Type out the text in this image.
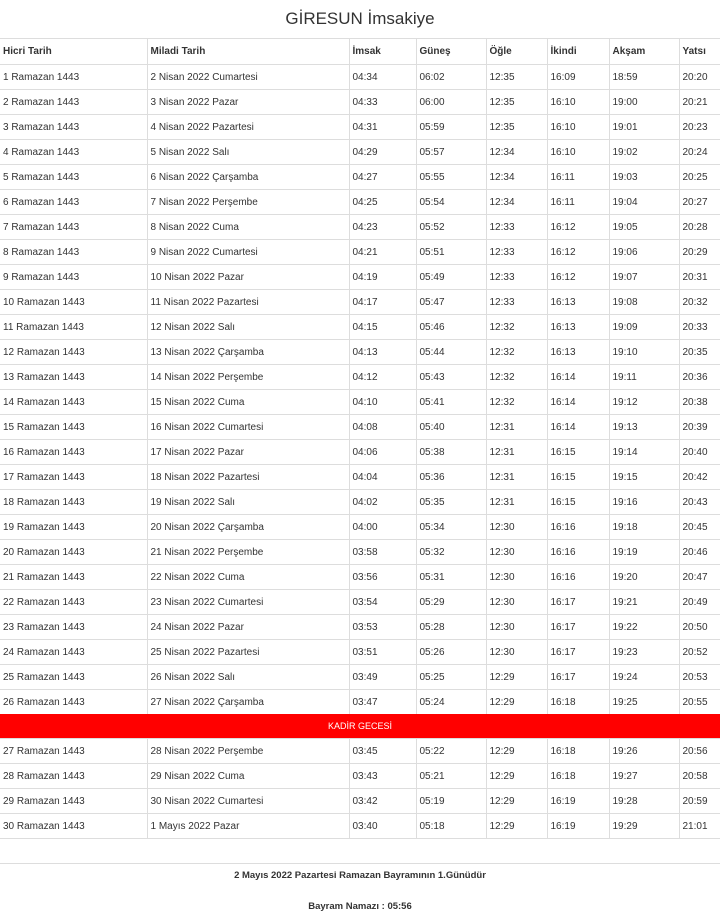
GİRESUN İmsakiye
Hicri Tarih	Miladi Tarih	İmsak	Güneş	Öğle	İkindi	Akşam	Yatsı
1 Ramazan 1443	2 Nisan 2022 Cumartesi	04:34	06:02	12:35	16:09	18:59	20:20
2 Ramazan 1443	3 Nisan 2022 Pazar	04:33	06:00	12:35	16:10	19:00	20:21
3 Ramazan 1443	4 Nisan 2022 Pazartesi	04:31	05:59	12:35	16:10	19:01	20:23
4 Ramazan 1443	5 Nisan 2022 Salı	04:29	05:57	12:34	16:10	19:02	20:24
5 Ramazan 1443	6 Nisan 2022 Çarşamba	04:27	05:55	12:34	16:11	19:03	20:25
6 Ramazan 1443	7 Nisan 2022 Perşembe	04:25	05:54	12:34	16:11	19:04	20:27
7 Ramazan 1443	8 Nisan 2022 Cuma	04:23	05:52	12:33	16:12	19:05	20:28
8 Ramazan 1443	9 Nisan 2022 Cumartesi	04:21	05:51	12:33	16:12	19:06	20:29
9 Ramazan 1443	10 Nisan 2022 Pazar	04:19	05:49	12:33	16:12	19:07	20:31
10 Ramazan 1443	11 Nisan 2022 Pazartesi	04:17	05:47	12:33	16:13	19:08	20:32
11 Ramazan 1443	12 Nisan 2022 Salı	04:15	05:46	12:32	16:13	19:09	20:33
12 Ramazan 1443	13 Nisan 2022 Çarşamba	04:13	05:44	12:32	16:13	19:10	20:35
13 Ramazan 1443	14 Nisan 2022 Perşembe	04:12	05:43	12:32	16:14	19:11	20:36
14 Ramazan 1443	15 Nisan 2022 Cuma	04:10	05:41	12:32	16:14	19:12	20:38
15 Ramazan 1443	16 Nisan 2022 Cumartesi	04:08	05:40	12:31	16:14	19:13	20:39
16 Ramazan 1443	17 Nisan 2022 Pazar	04:06	05:38	12:31	16:15	19:14	20:40
17 Ramazan 1443	18 Nisan 2022 Pazartesi	04:04	05:36	12:31	16:15	19:15	20:42
18 Ramazan 1443	19 Nisan 2022 Salı	04:02	05:35	12:31	16:15	19:16	20:43
19 Ramazan 1443	20 Nisan 2022 Çarşamba	04:00	05:34	12:30	16:16	19:18	20:45
20 Ramazan 1443	21 Nisan 2022 Perşembe	03:58	05:32	12:30	16:16	19:19	20:46
21 Ramazan 1443	22 Nisan 2022 Cuma	03:56	05:31	12:30	16:16	19:20	20:47
22 Ramazan 1443	23 Nisan 2022 Cumartesi	03:54	05:29	12:30	16:17	19:21	20:49
23 Ramazan 1443	24 Nisan 2022 Pazar	03:53	05:28	12:30	16:17	19:22	20:50
24 Ramazan 1443	25 Nisan 2022 Pazartesi	03:51	05:26	12:30	16:17	19:23	20:52
25 Ramazan 1443	26 Nisan 2022 Salı	03:49	05:25	12:29	16:17	19:24	20:53
26 Ramazan 1443	27 Nisan 2022 Çarşamba	03:47	05:24	12:29	16:18	19:25	20:55
KADİR GECESİ							
27 Ramazan 1443	28 Nisan 2022 Perşembe	03:45	05:22	12:29	16:18	19:26	20:56
28 Ramazan 1443	29 Nisan 2022 Cuma	03:43	05:21	12:29	16:18	19:27	20:58
29 Ramazan 1443	30 Nisan 2022 Cumartesi	03:42	05:19	12:29	16:19	19:28	20:59
30 Ramazan 1443	1 Mayıs 2022 Pazar	03:40	05:18	12:29	16:19	19:29	21:01
2 Mayıs 2022 Pazartesi Ramazan Bayramının 1.Günüdür
Bayram Namazı : 05:56
